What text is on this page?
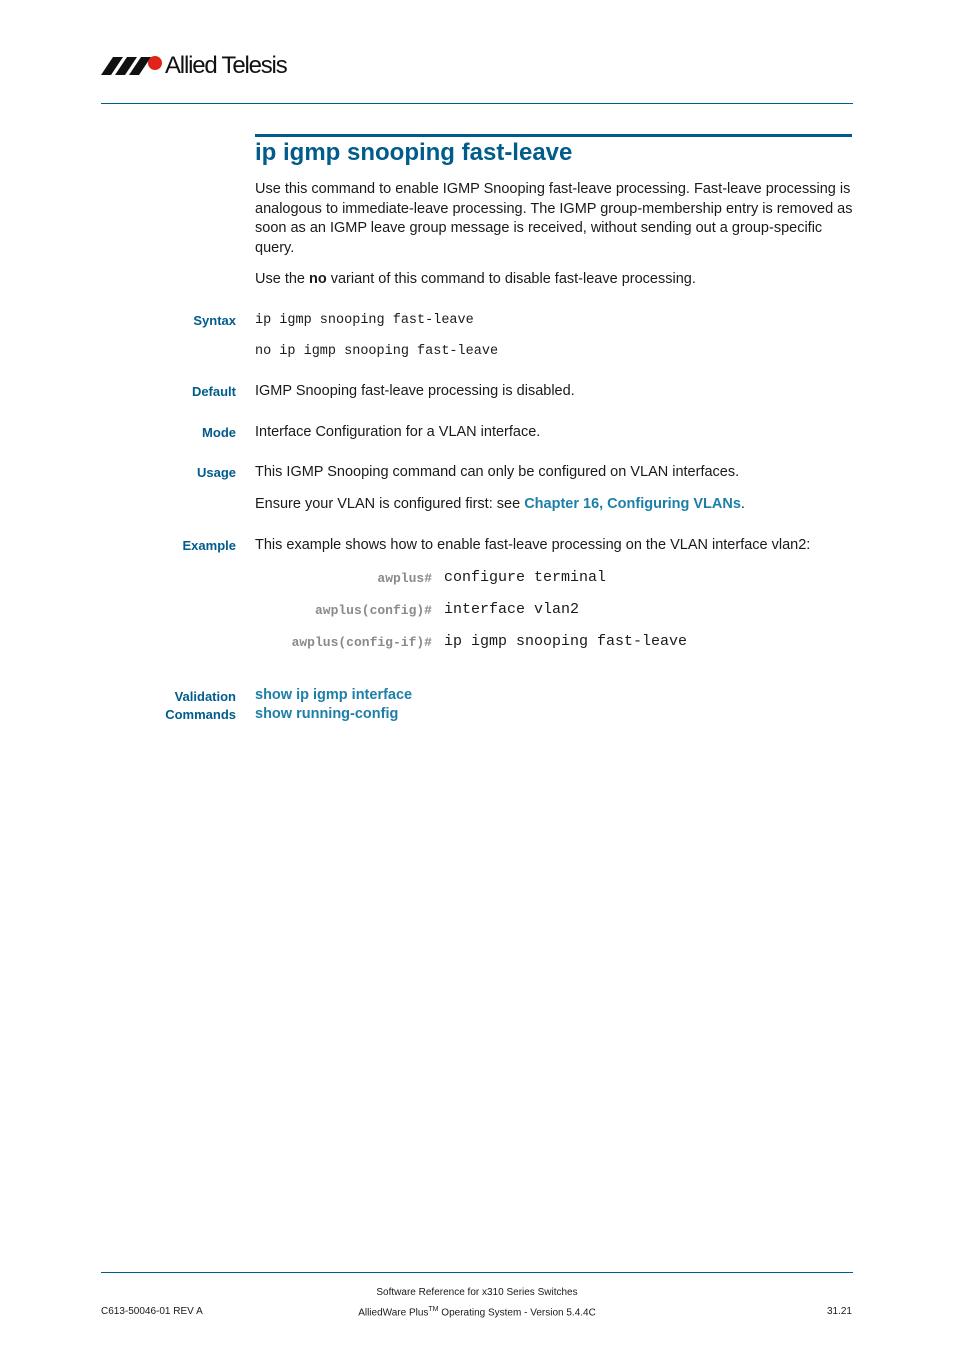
Allied Telesis
ip igmp snooping fast-leave
Use this command to enable IGMP Snooping fast-leave processing. Fast-leave processing is analogous to immediate-leave processing. The IGMP group-membership entry is removed as soon as an IGMP leave group message is received, without sending out a group-specific query.
Use the no variant of this command to disable fast-leave processing.
Syntax ip igmp snooping fast-leave
no ip igmp snooping fast-leave
Default IGMP Snooping fast-leave processing is disabled.
Mode Interface Configuration for a VLAN interface.
Usage This IGMP Snooping command can only be configured on VLAN interfaces.
Ensure your VLAN is configured first: see Chapter 16, Configuring VLANs.
Example This example shows how to enable fast-leave processing on the VLAN interface vlan2:
awplus# configure terminal
awplus(config)# interface vlan2
awplus(config-if)# ip igmp snooping fast-leave
Validation
Commands
show ip igmp interface
show running-config
C613-50046-01 REV A
Software Reference for x310 Series Switches
AlliedWare Plus™ Operating System - Version 5.4.4C	31.21
